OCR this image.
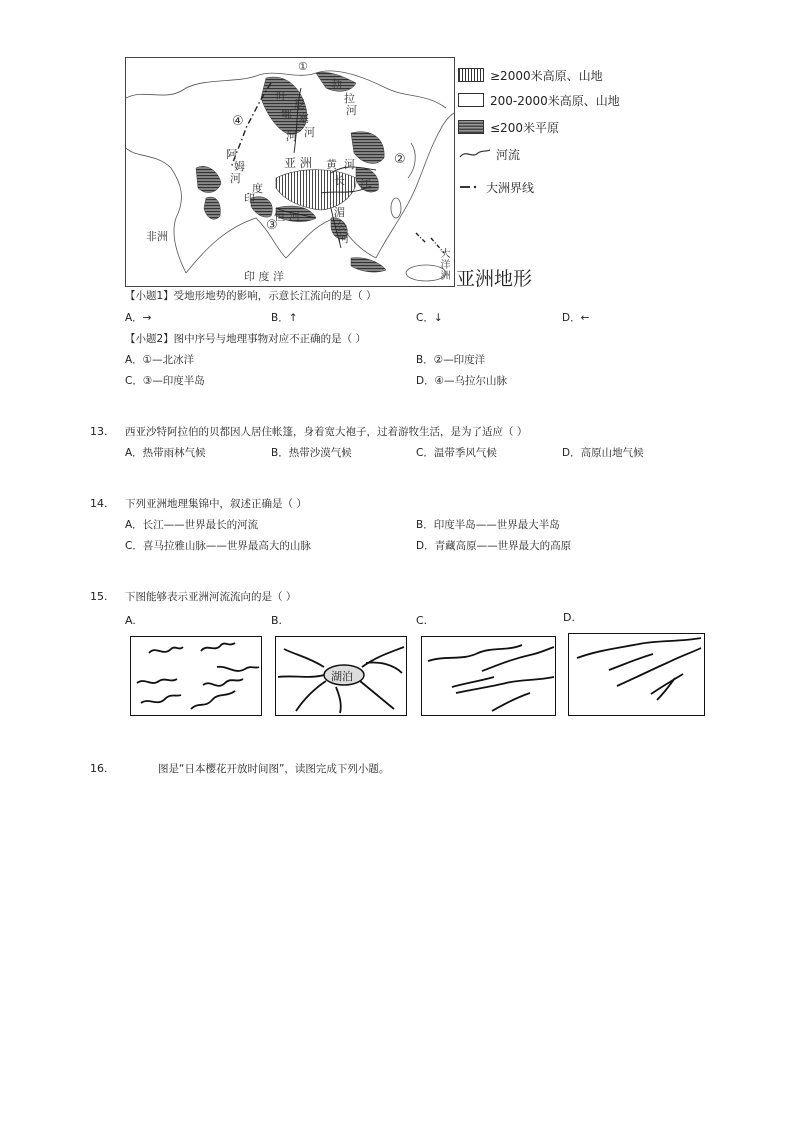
①
②
③
④
亚 洲
非洲
印 度 洋
勃
拉
河
叶
尼
塞
河
鄂
河
黄 河
长 江
恒 河	湄
公
河
印
度
阿
姆
河
大洋洲
≥2000米高原、山地
200-2000米高原、山地
≤200米平原
河流
大洲界线
亚洲地形
【小题1】受地形地势的影响，示意长江流向的是（ ）
A．→	B．↑	C．↓	D．←
【小题2】图中序号与地理事物对应不正确的是（ ）
A．①—北冰洋	B．②—印度洋
C．③—印度半岛	D．④—乌拉尔山脉
13. 西亚沙特阿拉伯的贝都因人居住帐篷，身着宽大袍子，过着游牧生活，是为了适应（ ）
A．热带雨林气候	B．热带沙漠气候	C．温带季风气候	D．高原山地气候
14. 下列亚洲地理集锦中，叙述正确是（ ）
A．长江——世界最长的河流	B．印度半岛——世界最大半岛
C．喜马拉雅山脉——世界最高大的山脉	D．青藏高原——世界最大的高原
15. 下图能够表示亚洲河流流向的是（ ）
A.	B.	C.	D.
湖泊
16.	图是“日本樱花开放时间图”，读图完成下列小题。
